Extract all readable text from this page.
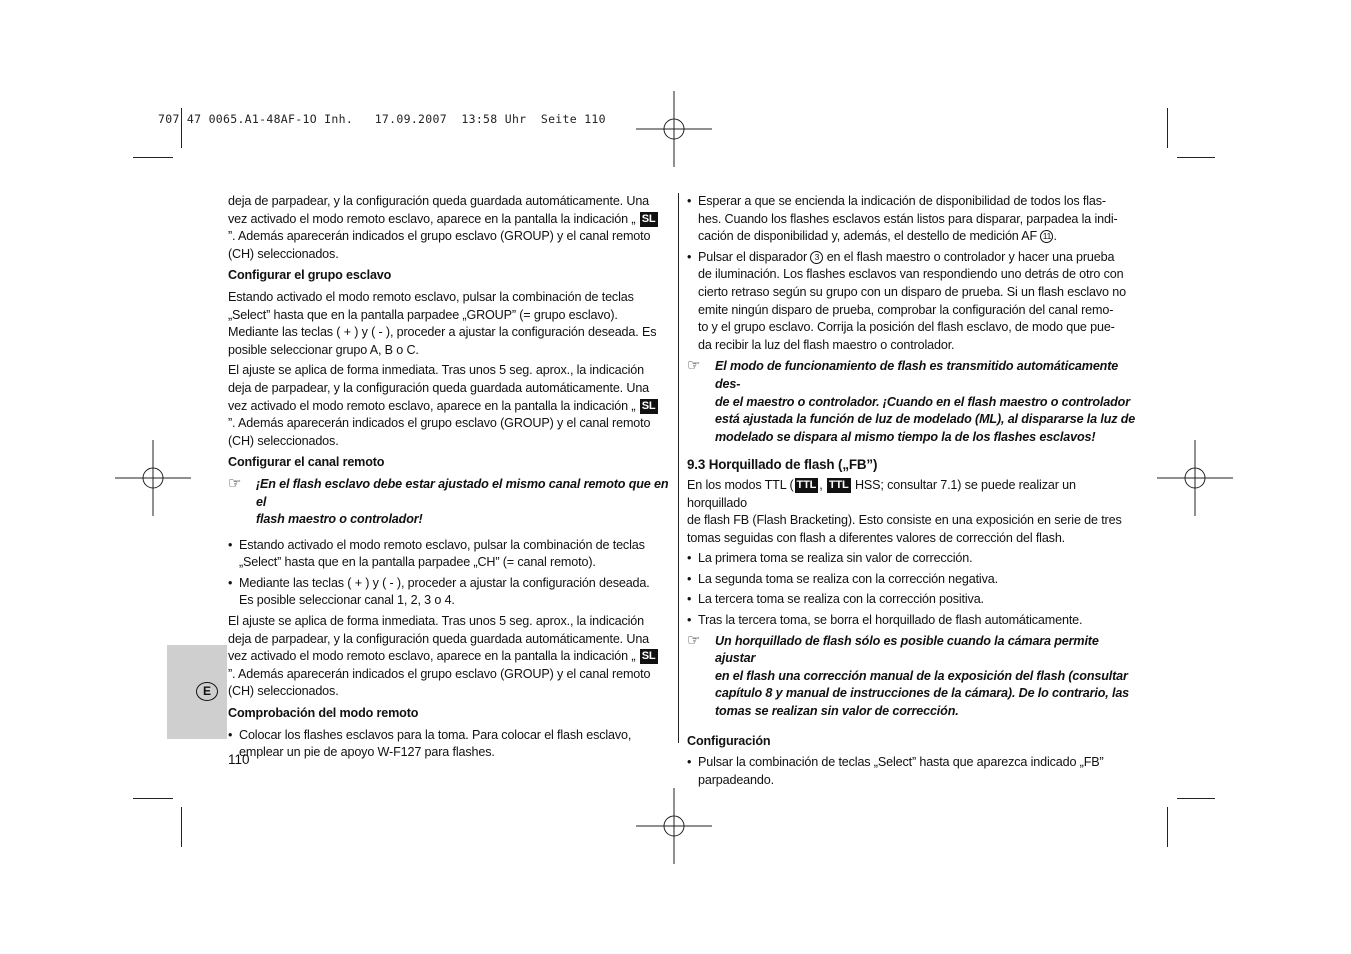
707 47 0065.A1-48AF-1O Inh.   17.09.2007  13:58 Uhr  Seite 110

deja de parpadear, y la configuración queda guardada automáticamente. Una

vez activado el modo remoto esclavo, aparece en la pantalla la indicación „ SL

”. Además aparecerán indicados el grupo esclavo (GROUP) y el canal remoto

(CH) seleccionados.

Configurar el grupo esclavo

Estando activado el modo remoto esclavo, pulsar la combinación de teclas

„Select” hasta que en la pantalla parpadee „GROUP” (= grupo esclavo).

Mediante las teclas ( + ) y ( - ), proceder a ajustar la configuración deseada. Es

posible seleccionar grupo A, B o C.

El ajuste se aplica de forma inmediata. Tras unos 5 seg. aprox., la indicación

deja de parpadear, y la configuración queda guardada automáticamente. Una

vez activado el modo remoto esclavo, aparece en la pantalla la indicación „ SL

”. Además aparecerán indicados el grupo esclavo (GROUP) y el canal remoto

(CH) seleccionados.

Configurar el canal remoto

☞ ¡En el flash esclavo debe estar ajustado el mismo canal remoto que en el

flash maestro o controlador!

• Estando activado el modo remoto esclavo, pulsar la combinación de teclas

„Select” hasta que en la pantalla parpadee „CH” (= canal remoto).

• Mediante las teclas ( + ) y ( - ), proceder a ajustar la configuración deseada.

Es posible seleccionar canal 1, 2, 3 o 4.

El ajuste se aplica de forma inmediata. Tras unos 5 seg. aprox., la indicación

deja de parpadear, y la configuración queda guardada automáticamente. Una

vez activado el modo remoto esclavo, aparece en la pantalla la indicación „ SL

”. Además aparecerán indicados el grupo esclavo (GROUP) y el canal remoto

(CH) seleccionados.

Comprobación del modo remoto

• Colocar los flashes esclavos para la toma. Para colocar el flash esclavo,

emplear un pie de apoyo W-F127 para flashes.

• Esperar a que se encienda la indicación de disponibilidad de todos los flas-

hes. Cuando los flashes esclavos están listos para disparar, parpadea la indi-

cación de disponibilidad y, además, el destello de medición AF 11 .

• Pulsar el disparador 3 en el flash maestro o controlador y hacer una prueba

de iluminación. Los flashes esclavos van respondiendo uno detrás de otro con

cierto retraso según su grupo con un disparo de prueba. Si un flash esclavo no

emite ningún disparo de prueba, comprobar la configuración del canal remo-

to y el grupo esclavo. Corrija la posición del flash esclavo, de modo que pue-

da recibir la luz del flash maestro o controlador.

☞ El modo de funcionamiento de flash es transmitido automáticamente des-

de el maestro o controlador. ¡Cuando en el flash maestro o controlador

está ajustada la función de luz de modelado (ML), al dispararse la luz de

modelado se dispara al mismo tiempo la de los flashes esclavos!

9.3 Horquillado de flash („FB”)

En los modos TTL ( TTL , TTL HSS; consultar 7.1) se puede realizar un horquillado

de flash FB (Flash Bracketing). Esto consiste en una exposición en serie de tres

tomas seguidas con flash a diferentes valores de corrección del flash.

• La primera toma se realiza sin valor de corrección.

• La segunda toma se realiza con la corrección negativa.

• La tercera toma se realiza con la corrección positiva.

• Tras la tercera toma, se borra el horquillado de flash automáticamente.

☞ Un horquillado de flash sólo es posible cuando la cámara permite ajustar

en el flash una corrección manual de la exposición del flash (consultar

capítulo 8 y manual de instrucciones de la cámara). De lo contrario, las

tomas se realizan sin valor de corrección.

Configuración

• Pulsar la combinación de teclas „Select” hasta que aparezca indicado „FB”

parpadeando.

E
110
